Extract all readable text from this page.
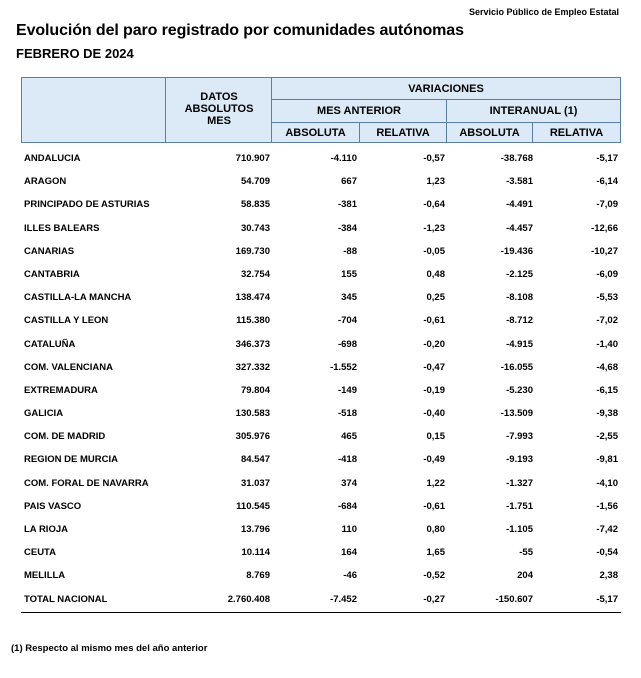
Servicio Público de Empleo Estatal
Evolución del paro registrado por comunidades autónomas
FEBRERO DE 2024
DATOS ABSOLUTOS MES
VARIACIONES
MES ANTERIOR	INTERANUAL (1)
ABSOLUTA	RELATIVA	ABSOLUTA	RELATIVA
ANDALUCIA	710.907	-4.110	-0,57	-38.768	-5,17
ARAGON	54.709	667	1,23	-3.581	-6,14
PRINCIPADO DE ASTURIAS	58.835	-381	-0,64	-4.491	-7,09
ILLES BALEARS	30.743	-384	-1,23	-4.457	-12,66
CANARIAS	169.730	-88	-0,05	-19.436	-10,27
CANTABRIA	32.754	155	0,48	-2.125	-6,09
CASTILLA-LA MANCHA	138.474	345	0,25	-8.108	-5,53
CASTILLA Y LEON	115.380	-704	-0,61	-8.712	-7,02
CATALUÑA	346.373	-698	-0,20	-4.915	-1,40
COM. VALENCIANA	327.332	-1.552	-0,47	-16.055	-4,68
EXTREMADURA	79.804	-149	-0,19	-5.230	-6,15
GALICIA	130.583	-518	-0,40	-13.509	-9,38
COM. DE MADRID	305.976	465	0,15	-7.993	-2,55
REGION DE MURCIA	84.547	-418	-0,49	-9.193	-9,81
COM. FORAL DE NAVARRA	31.037	374	1,22	-1.327	-4,10
PAIS VASCO	110.545	-684	-0,61	-1.751	-1,56
LA RIOJA	13.796	110	0,80	-1.105	-7,42
CEUTA	10.114	164	1,65	-55	-0,54
MELILLA	8.769	-46	-0,52	204	2,38
TOTAL NACIONAL	2.760.408	-7.452	-0,27	-150.607	-5,17
(1) Respecto al mismo mes del año anterior
